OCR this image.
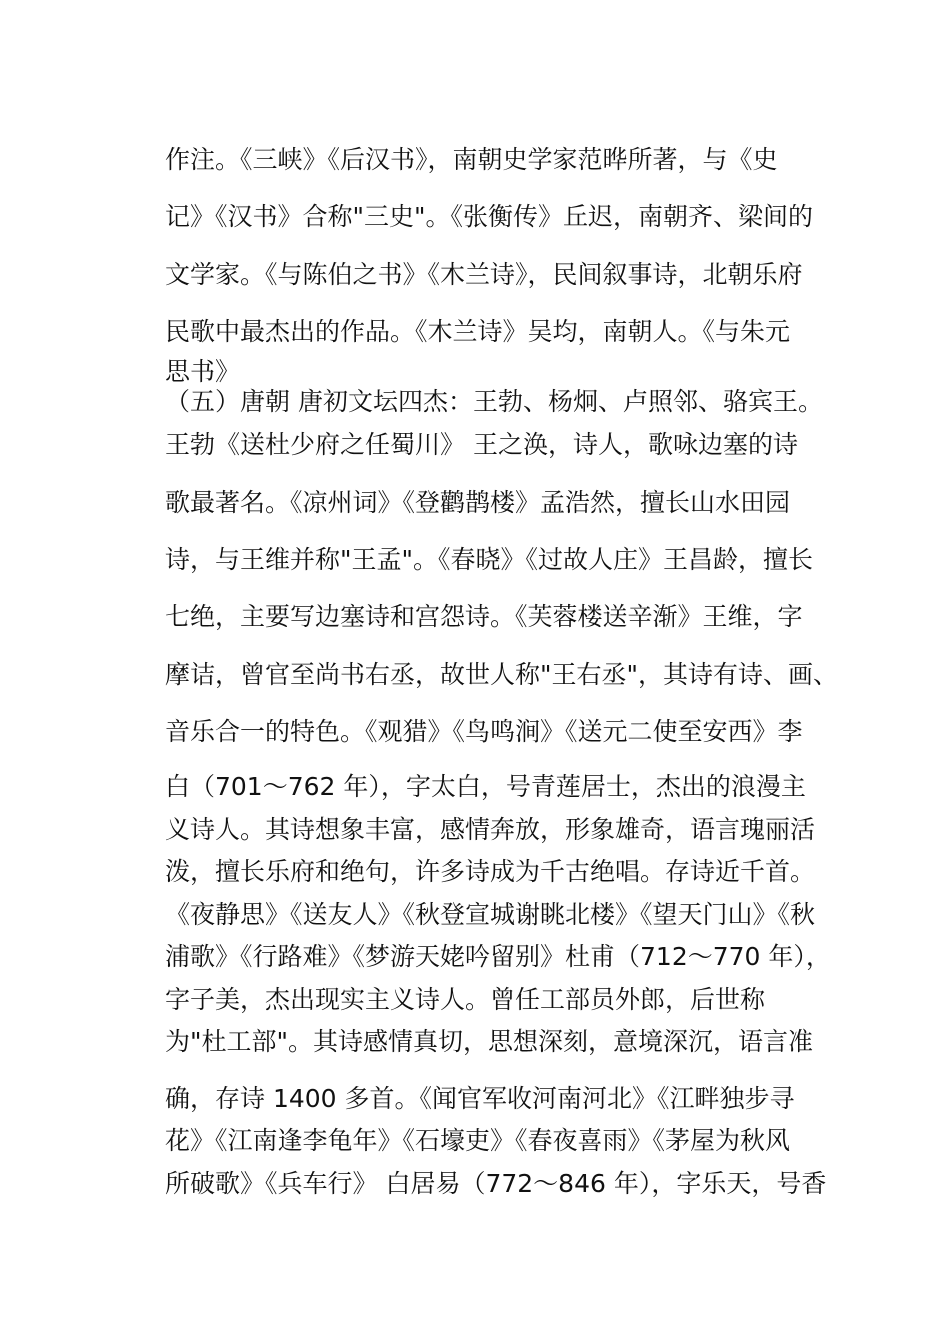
作注。《三峡》《后汉书》，南朝史学家范晔所著，与《史
记》《汉书》合称"三史"。《张衡传》丘迟，南朝齐、梁间的
文学家。《与陈伯之书》《木兰诗》，民间叙事诗，北朝乐府
民歌中最杰出的作品。《木兰诗》吴均，南朝人。《与朱元
思书》
（五）唐朝 唐初文坛四杰：王勃、杨炯、卢照邻、骆宾王。
王勃《送杜少府之任蜀川》 王之涣，诗人，歌咏边塞的诗
歌最著名。《凉州词》《登鹳鹊楼》孟浩然，擅长山水田园
诗，与王维并称"王孟"。《春晓》《过故人庄》王昌龄，擅长
七绝，主要写边塞诗和宫怨诗。《芙蓉楼送辛渐》王维，字
摩诘，曾官至尚书右丞，故世人称"王右丞"，其诗有诗、画、
音乐合一的特色。《观猎》《鸟鸣涧》《送元二使至安西》李
白（701～762 年），字太白，号青莲居士，杰出的浪漫主
义诗人。其诗想象丰富，感情奔放，形象雄奇，语言瑰丽活
泼，擅长乐府和绝句，许多诗成为千古绝唱。存诗近千首。
《夜静思》《送友人》《秋登宣城谢眺北楼》《望天门山》《秋
浦歌》《行路难》《梦游天姥吟留别》杜甫（712～770 年），
字子美，杰出现实主义诗人。曾任工部员外郎，后世称
为"杜工部"。其诗感情真切，思想深刻，意境深沉，语言准
确，存诗 1400 多首。《闻官军收河南河北》《江畔独步寻
花》《江南逢李龟年》《石壕吏》《春夜喜雨》《茅屋为秋风
所破歌》《兵车行》 白居易（772～846 年），字乐天，号香
